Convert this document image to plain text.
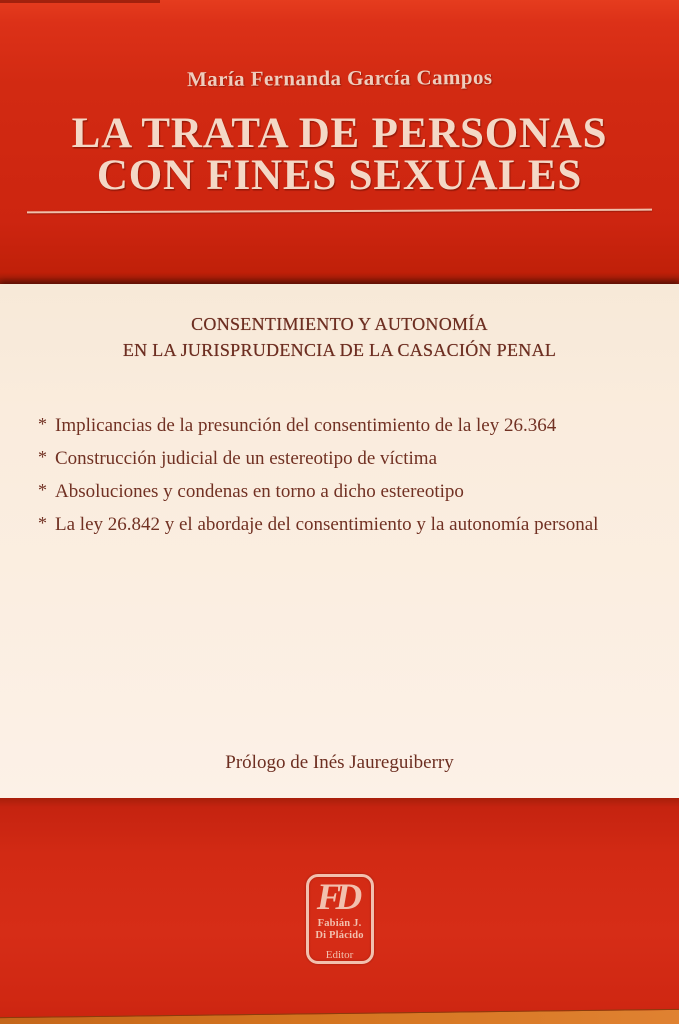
María Fernanda García Campos
LA TRATA DE PERSONAS
CON FINES SEXUALES
CONSENTIMIENTO Y AUTONOMÍA
EN LA JURISPRUDENCIA DE LA CASACIÓN PENAL
* Implicancias de la presunción del consentimiento de la ley 26.364
* Construcción judicial de un estereotipo de víctima
* Absoluciones y condenas en torno a dicho estereotipo
* La ley 26.842 y el abordaje del consentimiento y la autonomía personal
Prólogo de Inés Jaureguiberry
FD
Fabián J.
Di Plácido
Editor
